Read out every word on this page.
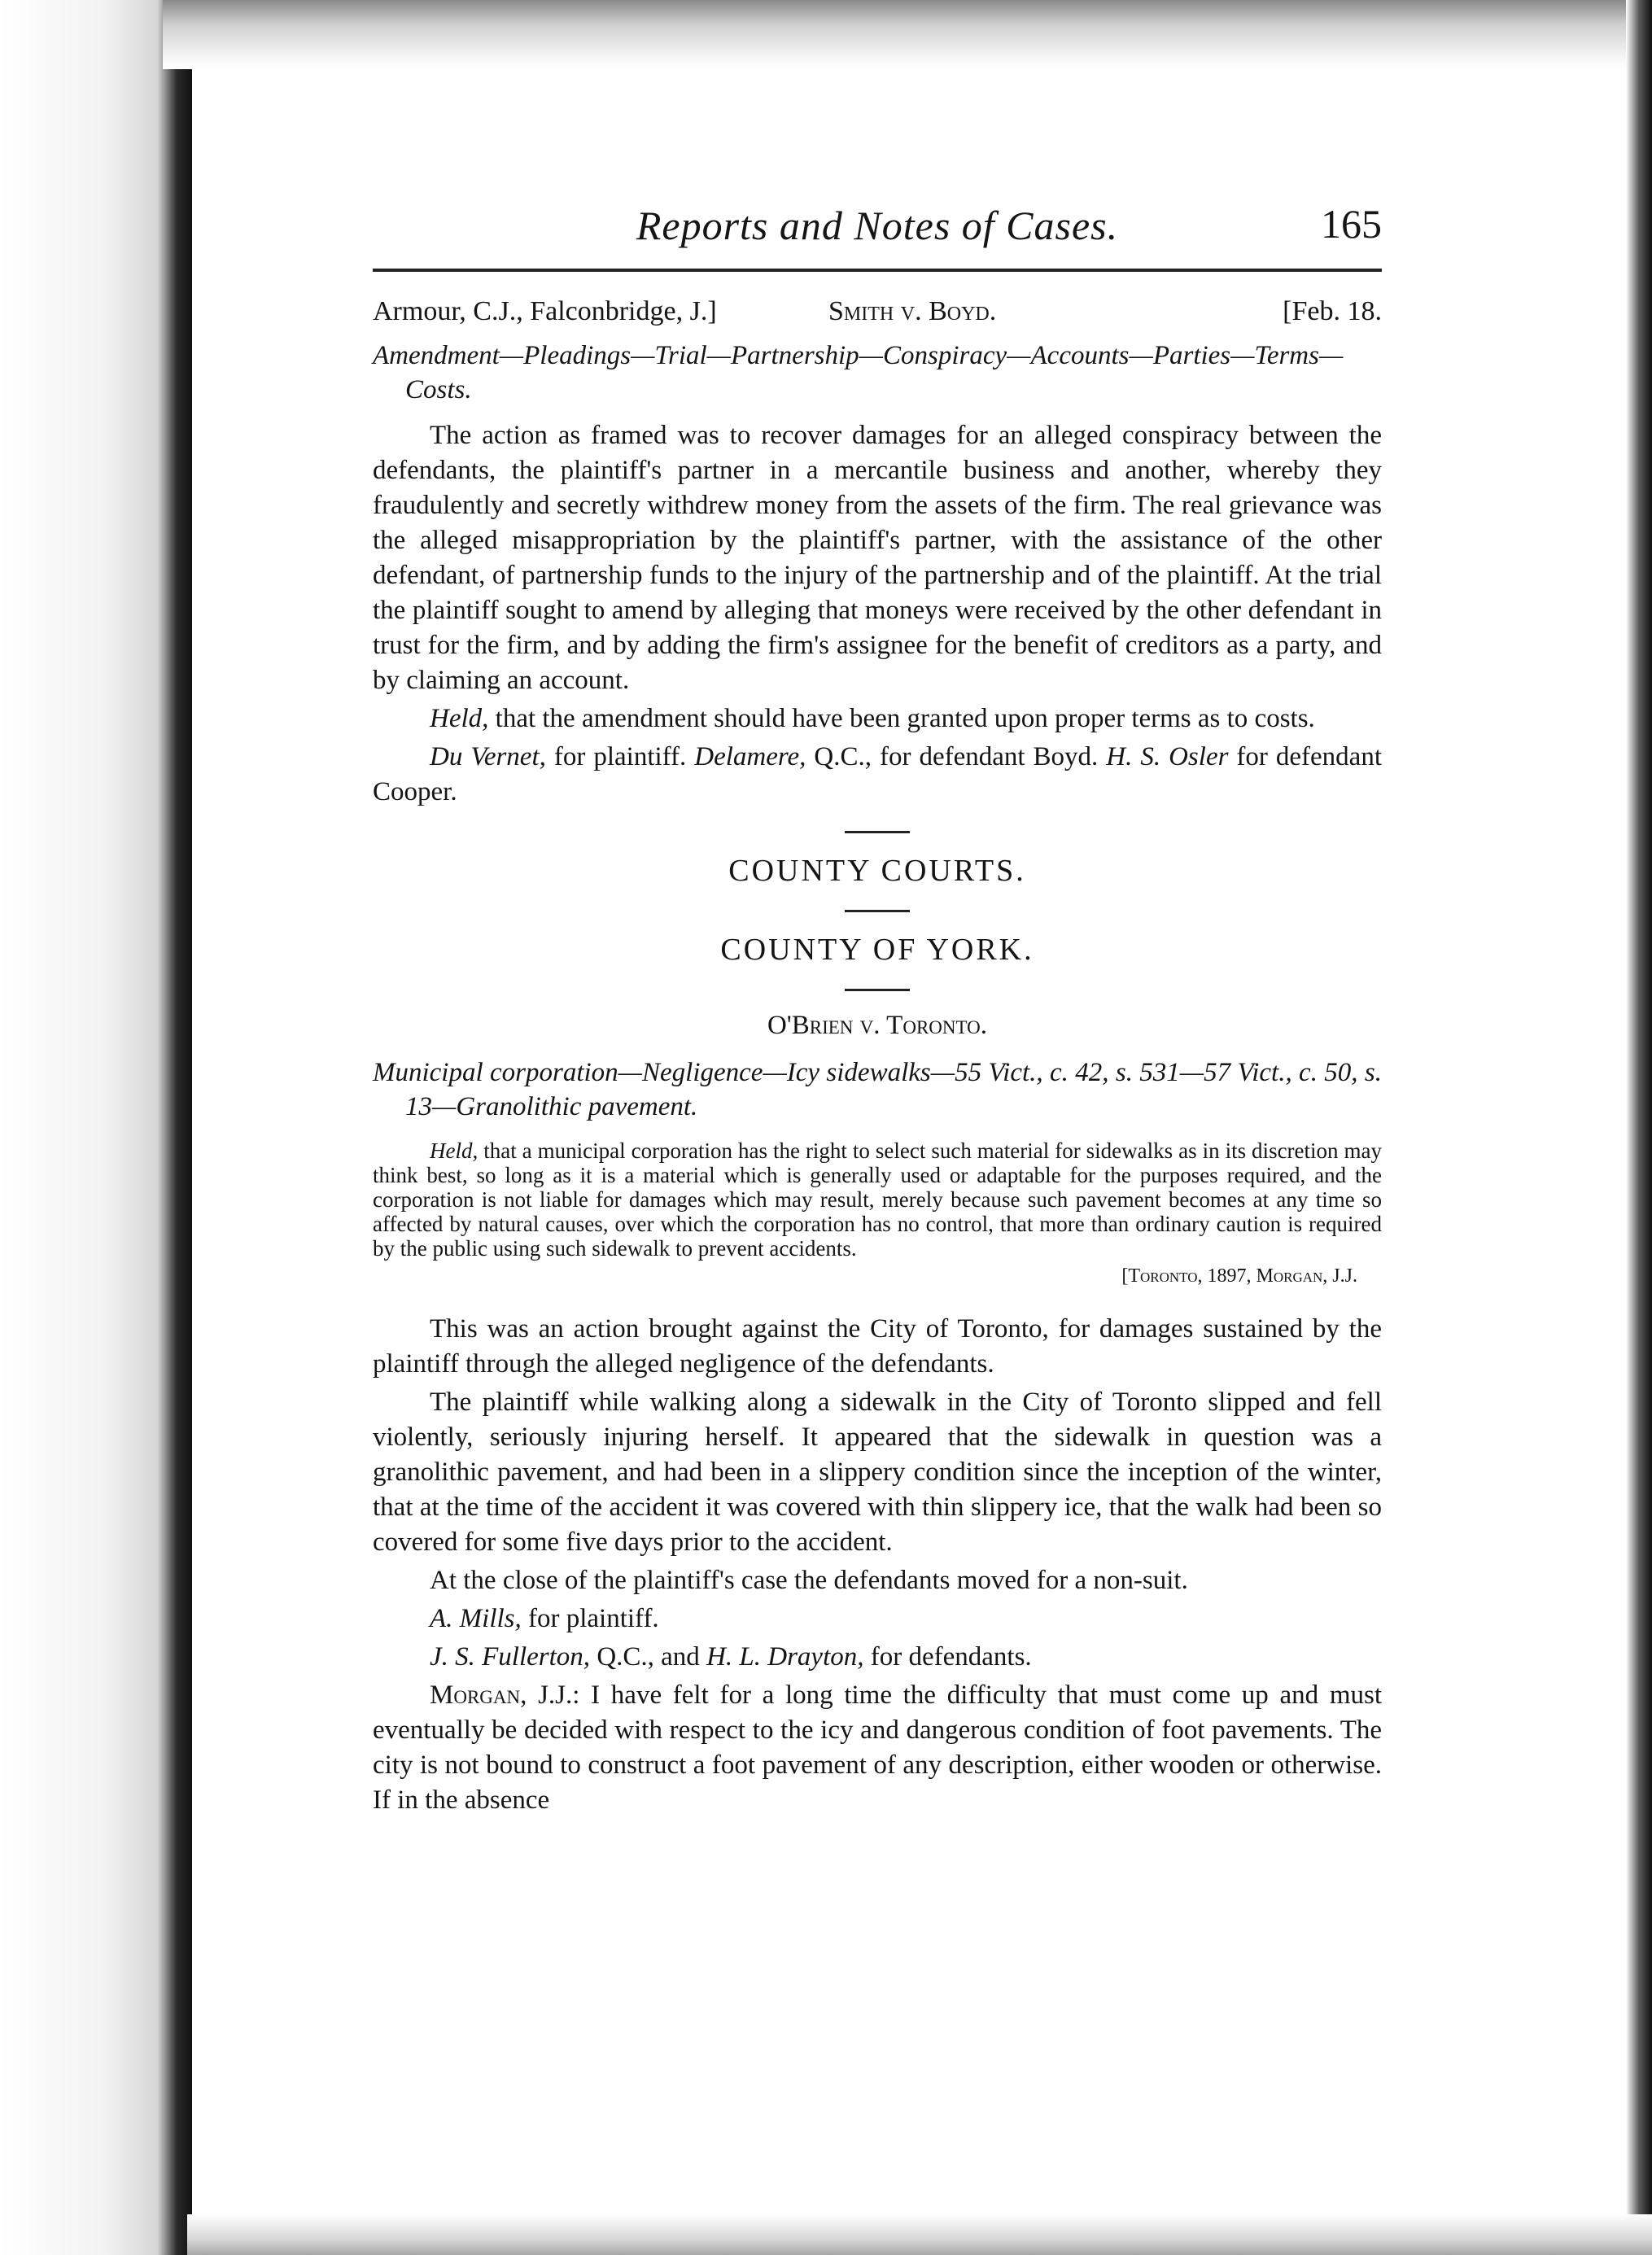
Reports and Notes of Cases.	165
Armour, C.J., Falconbridge, J.]	Smith v. Boyd.	[Feb. 18.
Amendment—Pleadings—Trial—Partnership—Conspiracy—Accounts—Parties—Terms—Costs.

The action as framed was to recover damages for an alleged conspiracy between the defendants, the plaintiff's partner in a mercantile business and another, whereby they fraudulently and secretly withdrew money from the assets of the firm. The real grievance was the alleged misappropriation by the plaintiff's partner, with the assistance of the other defendant, of partnership funds to the injury of the partnership and of the plaintiff. At the trial the plaintiff sought to amend by alleging that moneys were received by the other defendant in trust for the firm, and by adding the firm's assignee for the benefit of creditors as a party, and by claiming an account.

Held, that the amendment should have been granted upon proper terms as to costs.

Du Vernet, for plaintiff. Delamere, Q.C., for defendant Boyd. H. S. Osler for defendant Cooper.

COUNTY COURTS.
COUNTY OF YORK.
O'Brien v. Toronto.
Municipal corporation—Negligence—Icy sidewalks—55 Vict., c. 42, s. 531—57 Vict., c. 50, s. 13—Granolithic pavement.

Held, that a municipal corporation has the right to select such material for sidewalks as in its discretion may think best, so long as it is a material which is generally used or adaptable for the purposes required, and the corporation is not liable for damages which may result, merely because such pavement becomes at any time so affected by natural causes, over which the corporation has no control, that more than ordinary caution is required by the public using such sidewalk to prevent accidents.

[Toronto, 1897, Morgan, J.J.

This was an action brought against the City of Toronto, for damages sustained by the plaintiff through the alleged negligence of the defendants.

The plaintiff while walking along a sidewalk in the City of Toronto slipped and fell violently, seriously injuring herself. It appeared that the sidewalk in question was a granolithic pavement, and had been in a slippery condition since the inception of the winter, that at the time of the accident it was covered with thin slippery ice, that the walk had been so covered for some five days prior to the accident.

At the close of the plaintiff's case the defendants moved for a non-suit.

A. Mills, for plaintiff.

J. S. Fullerton, Q.C., and H. L. Drayton, for defendants.

Morgan, J.J.: I have felt for a long time the difficulty that must come up and must eventually be decided with respect to the icy and dangerous condition of foot pavements. The city is not bound to construct a foot pavement of any description, either wooden or otherwise. If in the absence
